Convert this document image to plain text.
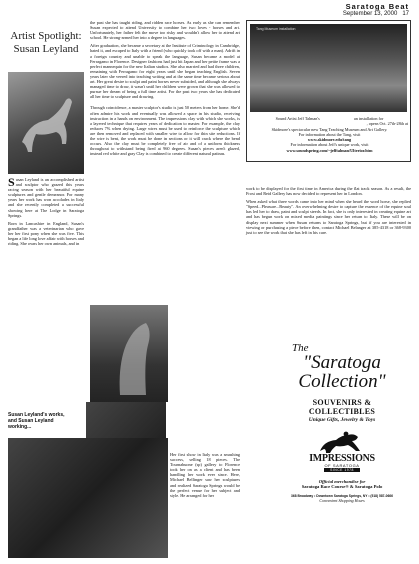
Saratoga Beat
September 13, 2000 17
Artist Spotlight:
Susan Leyland

Susan Leyland is an accomplished artist and sculptor who grazed this years racing season with her beautiful equine sculptures and gentle demeanor. For many years her work has won accolades in Italy and she recently completed a successful showing here at The Lodge in Saratoga Springs.

Born in Lancashire in England, Susan's grandfather was a veterinarian who gave her her first pony when she was five. This began a life long love affair with horses and riding. She owns her own animals, and in

the past she has taught riding, and ridden race horses. As early as she can remember Susan expected to attend University to combine her two loves - horses and art. Unfortunately, her father felt the move too risky and wouldn't allow her to attend art school. He strong-armed her into a degree in languages.

After graduation, she became a secretary at the Institute of Criminology in Cambridge, hated it, and escaped to Italy with a friend (who quickly took off with a man). Adrift in a foreign country and unable to speak the language, Susan became a model at Ferragamo in Florence. Designer fashions had just hit Japan and her petite frame was a perfect mannequin for the new Italian studios. She also married and had three children, remaining with Ferragamo for eight years until she began teaching English. Seven years later she veered into teaching writing and at the same time became serious about art. Her great desire to sculpt and paint horses never subsided, and although she always managed time to draw, it wasn't until her children were grown that she was allowed to pursue her dream of being a full time artist. For the past two years she has dedicated all her time to sculpture and drawing.

Through coincidence, a master sculptor's studio is just 50 meters from her home. She'd often admire his work and eventually was allowed a space in his studio, receiving instruction in a hands on environment. The impressions clay with which she works, is a layered technique that requires years of dedication to master. For example, the clay reduces 7% when drying. Large wires must be used to reinforce the sculpture which are then removed and replaced with smaller wire to allow for thin site reductions. If the wire is bent, the work must be done in sections or it will crack where the bend occurs. Also the clay must be completely free of air and of a uniform thickness throughout to withstand being fired at 960 degrees. Susan's pieces aren't glazed, instead red white and gray Clay is combined to create different natural patinas.

Tang Museum installation
Sound Artist Jeff Talman's	an installation for
, opens Oct. 27th-28th at
Skidmore's spectacular new Tang Teaching Museum and Art Gallery.
For information about the Tang, visit
www.skidmore.edu/tang
For information about Jeff's unique work, visit
www.soundspring.com/~jefftalman/Ulterior.htm

work to be displayed for the first time in America during the flat track season. As a result, the Frost and Reid Gallery has now decided to represent her in London.

When asked what three words came into her mind when she heard the word horse, she replied "Speed...Pleasure...Beauty". An overwhelming desire to capture the essence of the equine soul has led her to draw, paint and sculpt steeds. In fact, she is only interested in creating equine art and has begun work on mixed media paintings since her return to Italy. These will be on display next summer when Susan returns to Saratoga Springs, but if you are interested in viewing or purchasing a piece before then, contact Michael Belanger at 385-4318 or 368-9300 just to see the work that she has left in his care.

Susan Leyland's works,
and Susan Leyland
working...

Her first show in Italy was a smashing success, selling 18 pieces. The Tournabuone (sp) gallery to Florence took her on as a client and has been handling her work ever since. Here, Michael Bellinger saw her sculptures and realized Saratoga Springs would be the perfect venue for her subject and style. He arranged for her

The
"Saratoga
Collection"
SOUVENIRS &
COLLECTIBLES
Unique Gifts, Jewelry & Toys
IMPRESSIONS
OF SARATOGA
SINCE 1978
Official merchandise for
Saratoga Race Course® & Saratoga Polo
368 Broadway • Downtown Saratoga Springs, NY • (518) 587-0666
Convenient Shopping Hours
